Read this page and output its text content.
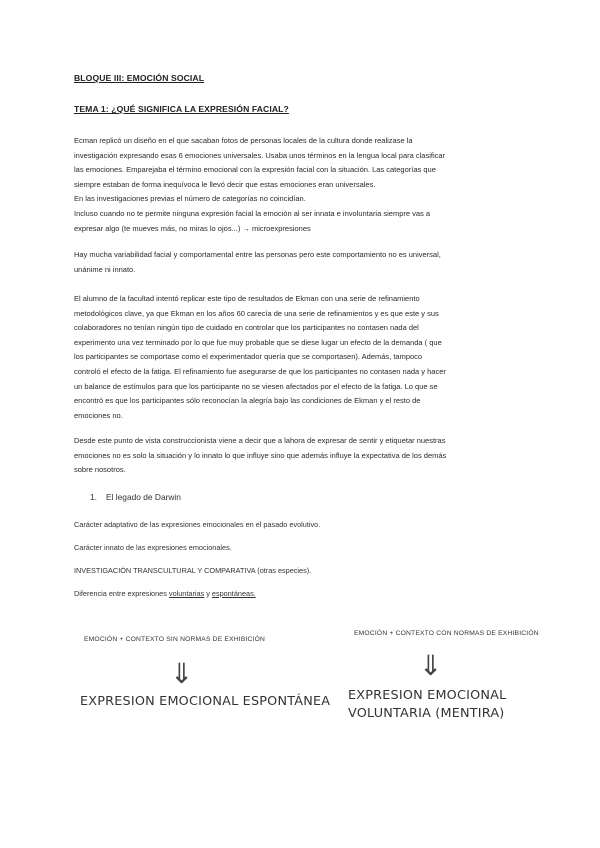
BLOQUE III: EMOCIÓN SOCIAL

TEMA 1: ¿QUÉ SIGNIFICA LA EXPRESIÓN FACIAL?

Ecman replicó un diseño en el que sacaban fotos de personas locales de la cultura donde realizase la
investigación expresando esas 6 emociones universales. Usaba unos términos en la lengua local para clasificar
las emociones. Emparejaba el término emocional con la expresión facial con la situación. Las categorías que
siempre estaban de forma inequívoca le llevó decir que estas emociones eran universales.
En las investigaciones previas el número de categorías no coincidían.
Incluso cuando no te permite ninguna expresión facial la emoción al ser innata e involuntaria siempre vas a
expresar algo (te mueves más, no miras lo ojos...) → microexpresiones
Hay mucha variabilidad facial y comportamental entre las personas pero este comportamiento no es universal,
unánime ni innato.
El alumno de la facultad intentó replicar este tipo de resultados de Ekman con una serie de refinamiento
metodológicos clave, ya que Ekman en los años 60 carecía de una serie de refinamientos y es que este y sus
colaboradores no tenían ningún tipo de cuidado en controlar que los participantes no contasen nada del
experimento una vez terminado por lo que fue muy probable que se diese lugar un efecto de la demanda ( que
los participantes se comportase como el experimentador quería que se comportasen). Además, tampoco
controló el efecto de la fatiga. El refinamiento fue asegurarse de que los participantes no contasen nada y hacer
un balance de estímulos para que los participante no se viesen afectados por el efecto de la fatiga. Lo que se
encontró es que los participantes sólo reconocían la alegría bajo las condiciones de Ekman y el resto de
emociones no.
Desde este punto de vista construccionista viene a decir que a lahora de expresar de sentir y etiquetar nuestras
emociones no es solo la situación y lo innato lo que influye sino que además influye la expectativa de los demás
sobre nosotros.

1. El legado de Darwin

Carácter adaptativo de las expresiones emocionales en el pasado evolutivo.

Carácter innato de las expresiones emocionales.

INVESTIGACIÓN TRANSCULTURAL Y COMPARATIVA (otras especies).

Diferencia entre expresiones voluntarias y espontáneas.

EMOCIÓN + CONTEXTO SIN NORMAS DE EXHIBICIÓN

EMOCIÓN + CONTEXTO CON NORMAS DE EXHIBICIÓN

⇓	⇓
EXPRESION EMOCIONAL ESPONTÁNEA EXPRESION EMOCIONAL
VOLUNTARIA (MENTIRA)
